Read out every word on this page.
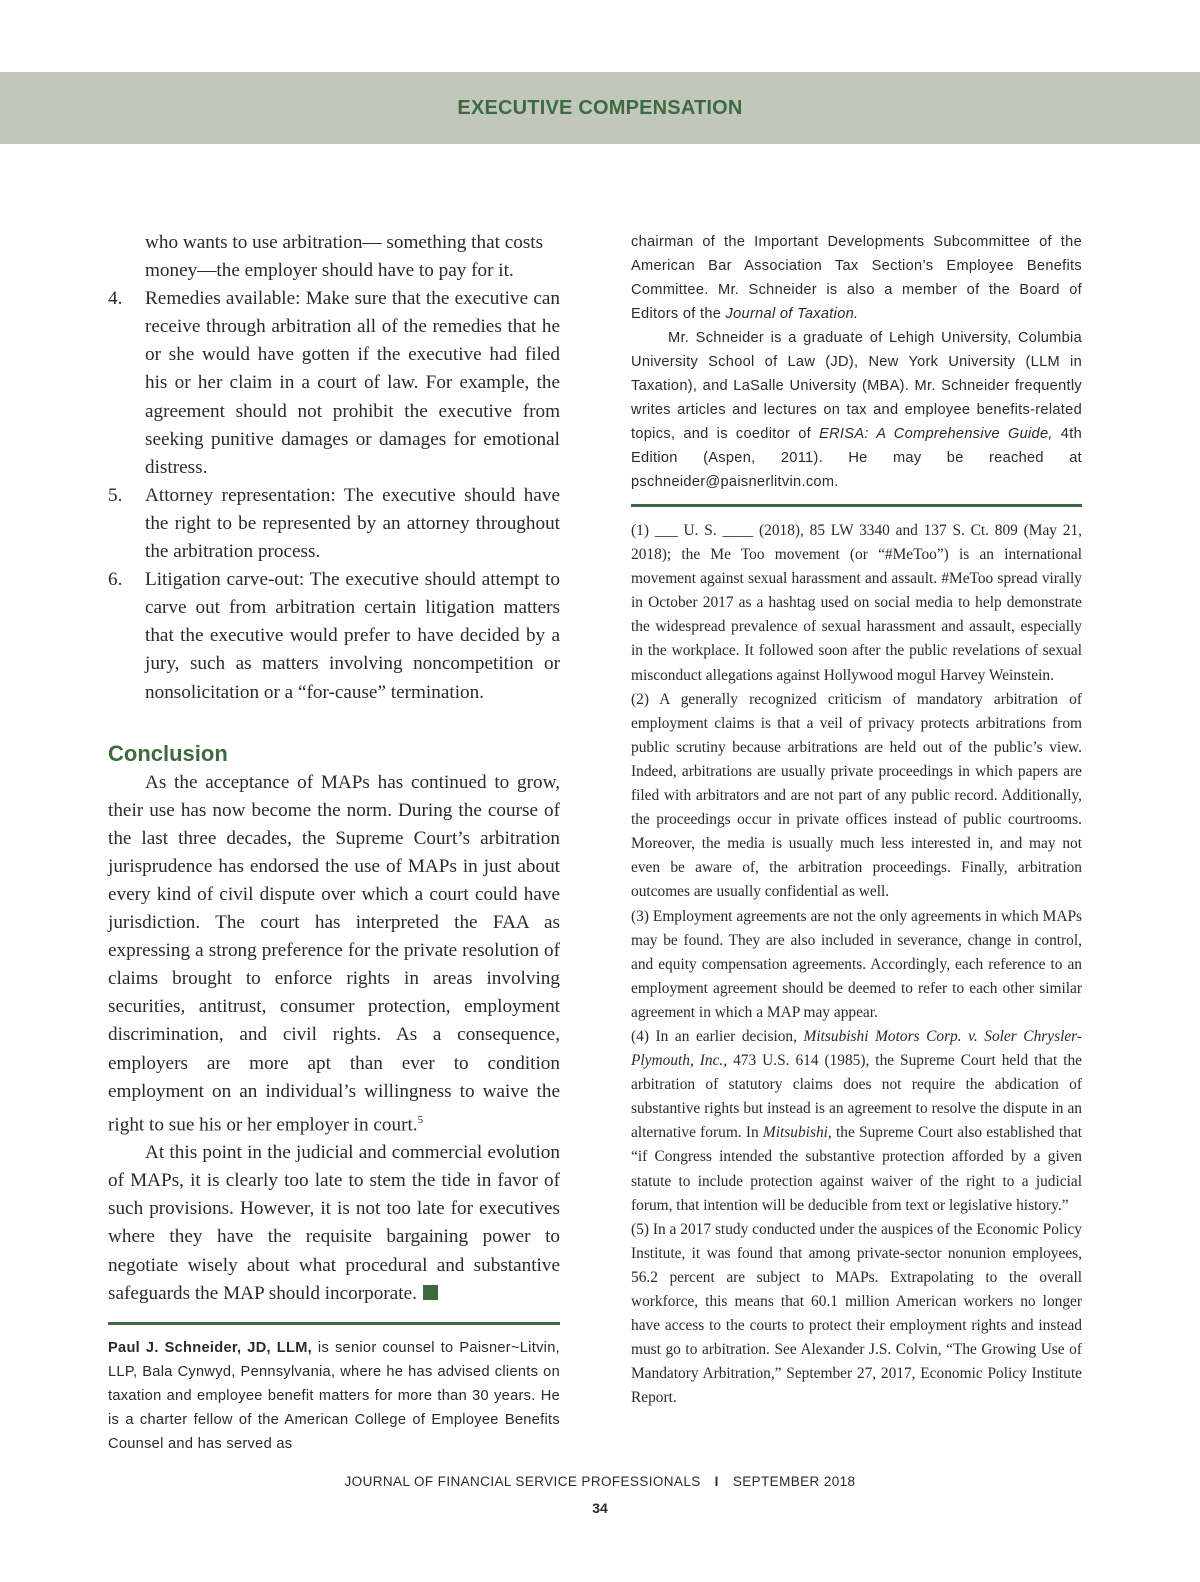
EXECUTIVE COMPENSATION

who wants to use arbitration— something that costs money—the employer should have to pay for it.

4. Remedies available: Make sure that the executive can receive through arbitration all of the remedies that he or she would have gotten if the executive had filed his or her claim in a court of law. For example, the agreement should not prohibit the executive from seeking punitive damages or damages for emotional distress.
5. Attorney representation: The executive should have the right to be represented by an attorney throughout the arbitration process.
6. Litigation carve-out: The executive should attempt to carve out from arbitration certain litigation matters that the executive would prefer to have decided by a jury, such as matters involving noncompetition or nonsolicitation or a “for-cause” termination.
Conclusion

As the acceptance of MAPs has continued to grow, their use has now become the norm. During the course of the last three decades, the Supreme Court’s arbitration jurisprudence has endorsed the use of MAPs in just about every kind of civil dispute over which a court could have jurisdiction. The court has interpreted the FAA as expressing a strong preference for the private resolution of claims brought to enforce rights in areas involving securities, antitrust, consumer protection, employment discrimination, and civil rights. As a consequence, employers are more apt than ever to condition employment on an individual’s willingness to waive the right to sue his or her employer in court.$^5$

At this point in the judicial and commercial evolution of MAPs, it is clearly too late to stem the tide in favor of such provisions. However, it is not too late for executives where they have the requisite bargaining power to negotiate wisely about what procedural and substantive safeguards the MAP should incorporate.

Paul J. Schneider, JD, LLM, is senior counsel to Paisner~Litvin, LLP, Bala Cynwyd, Pennsylvania, where he has advised clients on taxation and employee benefit matters for more than 30 years. He is a charter fellow of the American College of Employee Benefits Counsel and has served as

chairman of the Important Developments Subcommittee of the American Bar Association Tax Section’s Employee Benefits Committee. Mr. Schneider is also a member of the Board of Editors of the Journal of Taxation.

Mr. Schneider is a graduate of Lehigh University, Columbia University School of Law (JD), New York University (LLM in Taxation), and LaSalle University (MBA). Mr. Schneider frequently writes articles and lectures on tax and employee benefits-related topics, and is coeditor of ERISA: A Comprehensive Guide, 4th Edition (Aspen, 2011). He may be reached at pschneider@paisnerlitvin.com.

(1) ___ U. S. ____ (2018), 85 LW 3340 and 137 S. Ct. 809 (May 21, 2018); the Me Too movement (or “#MeToo”) is an international movement against sexual harassment and assault. #MeToo spread virally in October 2017 as a hashtag used on social media to help demonstrate the widespread prevalence of sexual harassment and assault, especially in the workplace. It followed soon after the public revelations of sexual misconduct allegations against Hollywood mogul Harvey Weinstein.

(2) A generally recognized criticism of mandatory arbitration of employment claims is that a veil of privacy protects arbitrations from public scrutiny because arbitrations are held out of the public’s view. Indeed, arbitrations are usually private proceedings in which papers are filed with arbitrators and are not part of any public record. Additionally, the proceedings occur in private offices instead of public courtrooms. Moreover, the media is usually much less interested in, and may not even be aware of, the arbitration proceedings. Finally, arbitration outcomes are usually confidential as well.

(3) Employment agreements are not the only agreements in which MAPs may be found. They are also included in severance, change in control, and equity compensation agreements. Accordingly, each reference to an employment agreement should be deemed to refer to each other similar agreement in which a MAP may appear.

(4) In an earlier decision, Mitsubishi Motors Corp. v. Soler Chrysler-Plymouth, Inc., 473 U.S. 614 (1985), the Supreme Court held that the arbitration of statutory claims does not require the abdication of substantive rights but instead is an agreement to resolve the dispute in an alternative forum. In Mitsubishi, the Supreme Court also established that “if Congress intended the substantive protection afforded by a given statute to include protection against waiver of the right to a judicial forum, that intention will be deducible from text or legislative history.”

(5) In a 2017 study conducted under the auspices of the Economic Policy Institute, it was found that among private-sector nonunion employees, 56.2 percent are subject to MAPs. Extrapolating to the overall workforce, this means that 60.1 million American workers no longer have access to the courts to protect their employment rights and instead must go to arbitration. See Alexander J.S. Colvin, “The Growing Use of Mandatory Arbitration,” September 27, 2017, Economic Policy Institute Report.

JOURNAL OF FINANCIAL SERVICE PROFESSIONALS I SEPTEMBER 2018
34
